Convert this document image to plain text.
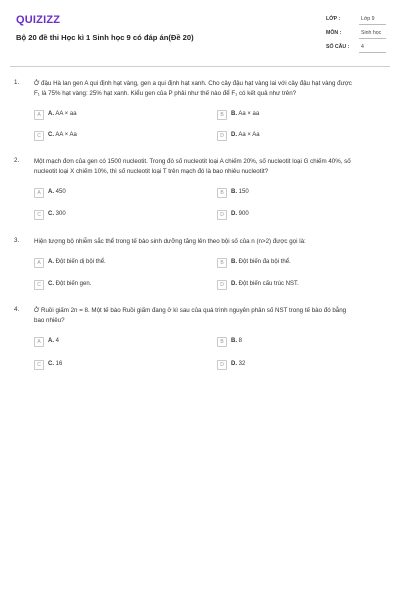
QUIZIZZ
Bộ 20 đề thi Học kì 1 Sinh học 9 có đáp án(Đề 20)
LỚP :	Lớp 9
MÔN :	Sinh học
SỐ CÂU : 4
1. Ở đậu Hà lan gen A qui định hạt vàng, gen a qui định hạt xanh. Cho cây đậu hạt vàng lai với cây đậu hạt vàng được
F₁ là 75% hạt vàng: 25% hạt xanh. Kiểu gen của P phải như thế nào để F₁ có kết quả như trên?
A	A. AA × aa	B	B. Aa × aa
C	C. AA × Aa	D	D. Aa × Aa
2. Một mạch đơn của gen có 1500 nucleotit. Trong đó số nucleotit loại A chiếm 20%, số nucleotit loại G chiếm 40%, số
nucleotit loại X chiếm 10%, thì số nucleotit loại T trên mạch đó là bao nhiêu nucleotit?
A	A. 450	B	B. 150
C	C. 300	D	D. 900
3. Hiện tượng bộ nhiễm sắc thể trong tế bào sinh dưỡng tăng lên theo bội số của n (n>2) được gọi là:
A	A. Đột biến dị bội thể.	B	B. Đột biến đa bội thể.
C	C. Đột biến gen.	D	D. Đột biến cấu trúc NST.
4. Ở Ruồi giấm 2n = 8. Một tế bào Ruồi giấm đang ở kì sau của quá trình nguyên phân số NST trong tế bào đó bằng
bao nhiêu?
A	A. 4	B	B. 8
C	C. 16	D	D. 32
